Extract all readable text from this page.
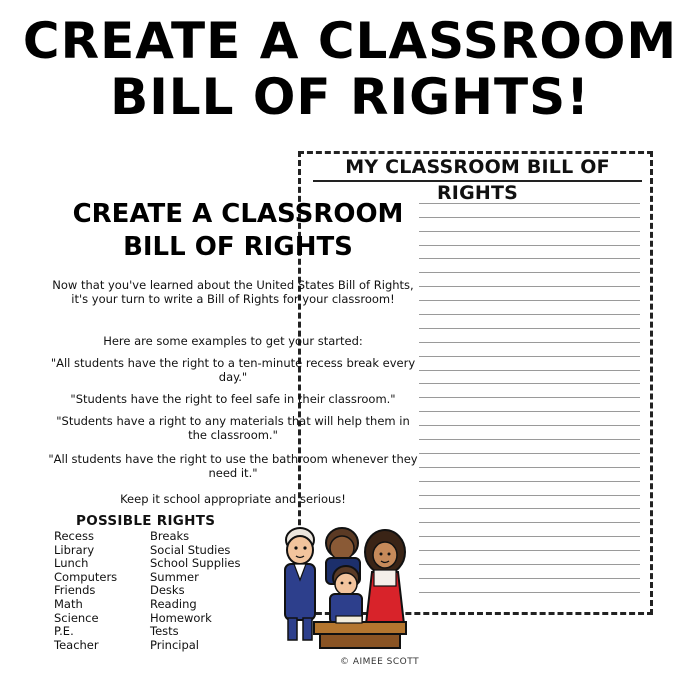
CREATE A CLASSROOM
BILL OF RIGHTS!
MY CLASSROOM BILL OF RIGHTS
CREATE A CLASSROOM
BILL OF RIGHTS
Now that you've learned about the United States Bill of Rights, it's your turn to write a Bill of Rights for your classroom!
Here are some examples to get your started:
"All students have the right to a ten-minute recess break every day."
"Students have the right to feel safe in their classroom."
"Students have a right to any materials that will help them in the classroom."
"All students have the right to use the bathroom whenever they need it."
Keep it school appropriate and serious!
POSSIBLE RIGHTS
Recess
Library
Lunch
Computers
Friends
Math
Science
P.E.
Teacher
Breaks
Social Studies
School Supplies
Summer
Desks
Reading
Homework
Tests
Principal
© AIMEE SCOTT
